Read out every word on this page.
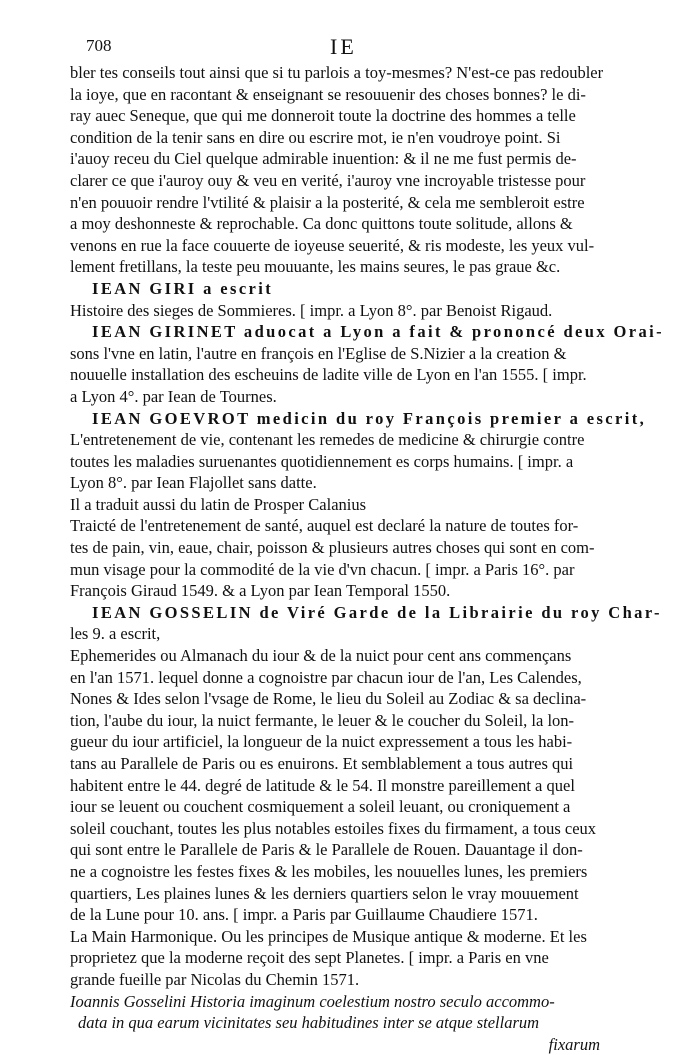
708	IE
bler tes conseils tout ainsi que si tu parlois a toy-mesmes? N'est-ce pas redoubler
la ioye, que en racontant & enseignant se resouuenir des choses bonnes? le di-
ray auec Seneque, que qui me donneroit toute la doctrine des hommes a telle
condition de la tenir sans en dire ou escrire mot, ie n'en voudroye point. Si
i'auoy receu du Ciel quelque admirable inuention: & il ne me fust permis de-
clarer ce que i'auroy ouy & veu en verité, i'auroy vne incroyable tristesse pour
n'en pouuoir rendre l'vtilité & plaisir a la posterité, & cela me sembleroit estre
a moy deshonneste & reprochable. Ca donc quittons toute solitude, allons &
venons en rue la face couuerte de ioyeuse seuerité, & ris modeste, les yeux vul-
lement fretillans, la teste peu mouuante, les mains seures, le pas graue &c.
IEAN GIRI a escrit
Histoire des sieges de Sommieres. [ impr. a Lyon 8°. par Benoist Rigaud.
IEAN GIRINET aduocat a Lyon a fait & prononcé deux Orai-
sons l'vne en latin, l'autre en françois en l'Eglise de S.Nizier a la creation &
nouuelle installation des escheuins de ladite ville de Lyon en l'an 1555. [ impr.
a Lyon 4°. par Iean de Tournes.
IEAN GOEVROT medicin du roy François premier a escrit,
L'entretenement de vie, contenant les remedes de medicine & chirurgie contre
toutes les maladies suruenantes quotidiennement es corps humains. [ impr. a
Lyon 8°. par Iean Flajollet sans datte.
Il a traduit aussi du latin de Prosper Calanius
Traicté de l'entretenement de santé, auquel est declaré la nature de toutes for-
tes de pain, vin, eaue, chair, poisson & plusieurs autres choses qui sont en com-
mun visage pour la commodité de la vie d'vn chacun. [ impr. a Paris 16°. par
François Giraud 1549. & a Lyon par Iean Temporal 1550.
IEAN GOSSELIN de Viré Garde de la Librairie du roy Char-
les 9. a escrit,
Ephemerides ou Almanach du iour & de la nuict pour cent ans commençans
en l'an 1571. lequel donne a cognoistre par chacun iour de l'an, Les Calendes,
Nones & Ides selon l'vsage de Rome, le lieu du Soleil au Zodiac & sa declina-
tion, l'aube du iour, la nuict fermante, le leuer & le coucher du Soleil, la lon-
gueur du iour artificiel, la longueur de la nuict expressement a tous les habi-
tans au Parallele de Paris ou es enuirons. Et semblablement a tous autres qui
habitent entre le 44. degré de latitude & le 54. Il monstre pareillement a quel
iour se leuent ou couchent cosmiquement a soleil leuant, ou croniquement a
soleil couchant, toutes les plus notables estoiles fixes du firmament, a tous ceux
qui sont entre le Parallele de Paris & le Parallele de Rouen. Dauantage il don-
ne a cognoistre les festes fixes & les mobiles, les nouuelles lunes, les premiers
quartiers, Les plaines lunes & les derniers quartiers selon le vray mouuement
de la Lune pour 10. ans. [ impr. a Paris par Guillaume Chaudiere 1571.
La Main Harmonique. Ou les principes de Musique antique & moderne. Et les
proprietez que la moderne reçoit des sept Planetes. [ impr. a Paris en vne
grande fueille par Nicolas du Chemin 1571.
Ioannis Gosselini Historia imaginum coelestium nostro seculo accommo-
data in qua earum vicinitates seu habitudines inter se atque stellarum
fixarum
